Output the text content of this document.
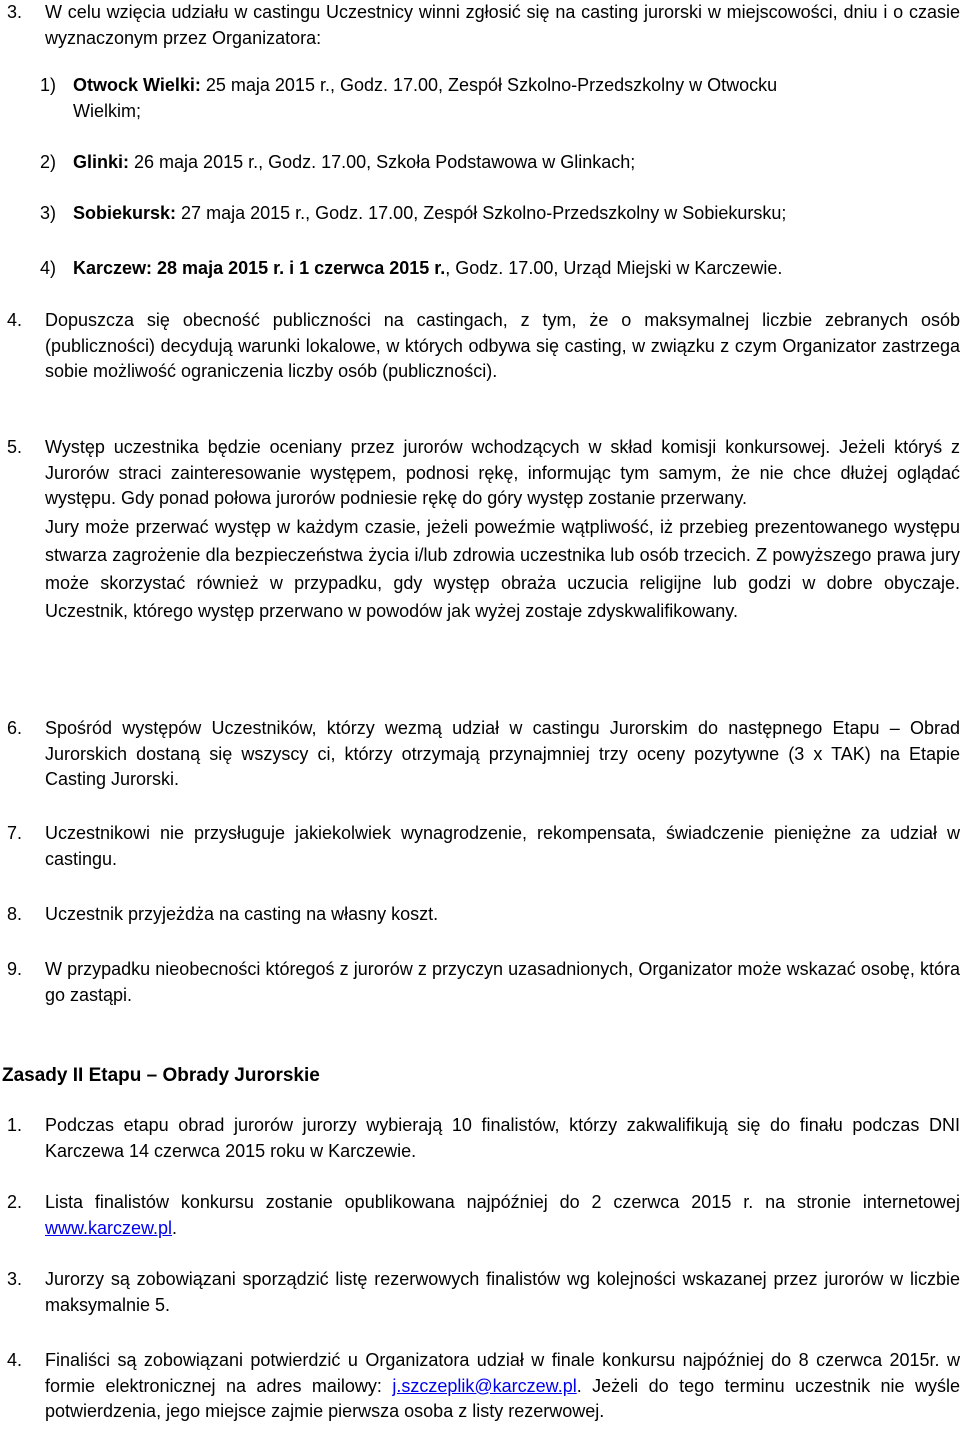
3. W celu wzięcia udziału w castingu Uczestnicy winni zgłosić się na casting jurorski w miejscowości, dniu i o czasie wyznaczonym przez Organizatora:

1) Otwock Wielki: 25 maja 2015 r., Godz. 17.00, Zespół Szkolno-Przedszkolny w Otwocku
Wielkim;
2) Glinki: 26 maja 2015 r., Godz. 17.00, Szkoła Podstawowa w Glinkach;
3) Sobiekursk: 27 maja 2015 r., Godz. 17.00, Zespół Szkolno-Przedszkolny w Sobiekursku;
4) Karczew: 28 maja 2015 r. i 1 czerwca 2015 r., Godz. 17.00, Urząd Miejski w Karczewie.
4. Dopuszcza się obecność publiczności na castingach, z tym, że o maksymalnej liczbie zebranych osób (publiczności) decydują warunki lokalowe, w których odbywa się casting, w związku z czym Organizator zastrzega sobie możliwość ograniczenia liczby osób (publiczności).

5. Występ uczestnika będzie oceniany przez jurorów wchodzących w skład komisji konkursowej. Jeżeli któryś z Jurorów straci zainteresowanie występem, podnosi rękę, informując tym samym, że nie chce dłużej oglądać występu. Gdy ponad połowa jurorów podniesie rękę do góry występ zostanie przerwany.

Jury może przerwać występ w każdym czasie, jeżeli poweźmie wątpliwość, iż przebieg prezentowanego występu stwarza zagrożenie dla bezpieczeństwa życia i/lub zdrowia uczestnika lub osób trzecich. Z powyższego prawa jury może skorzystać również w przypadku, gdy występ obraża uczucia religijne lub godzi w dobre obyczaje. Uczestnik, którego występ przerwano w powodów jak wyżej zostaje zdyskwalifikowany.

6. Spośród występów Uczestników, którzy wezmą udział w castingu Jurorskim do następnego Etapu – Obrad Jurorskich dostaną się wszyscy ci, którzy otrzymają przynajmniej trzy oceny pozytywne (3 x TAK) na Etapie Casting Jurorski.

7. Uczestnikowi nie przysługuje jakiekolwiek wynagrodzenie, rekompensata, świadczenie pieniężne za udział w castingu.

8. Uczestnik przyjeżdża na casting na własny koszt.

9. W przypadku nieobecności któregoś z jurorów z przyczyn uzasadnionych, Organizator może wskazać osobę, która go zastąpi.

Zasady II Etapu – Obrady Jurorskie
1. Podczas etapu obrad jurorów jurorzy wybierają 10 finalistów, którzy zakwalifikują się do finału podczas DNI Karczewa 14 czerwca 2015 roku w Karczewie.

2. Lista finalistów konkursu zostanie opublikowana najpóźniej do 2 czerwca 2015 r. na stronie internetowej www.karczew.pl.

3. Jurorzy są zobowiązani sporządzić listę rezerwowych finalistów wg kolejności wskazanej przez jurorów w liczbie maksymalnie 5.

4. Finaliści są zobowiązani potwierdzić u Organizatora udział w finale konkursu najpóźniej do 8 czerwca 2015r. w formie elektronicznej na adres mailowy: j.szczeplik@karczew.pl. Jeżeli do tego terminu uczestnik nie wyśle potwierdzenia, jego miejsce zajmie pierwsza osoba z listy rezerwowej.
